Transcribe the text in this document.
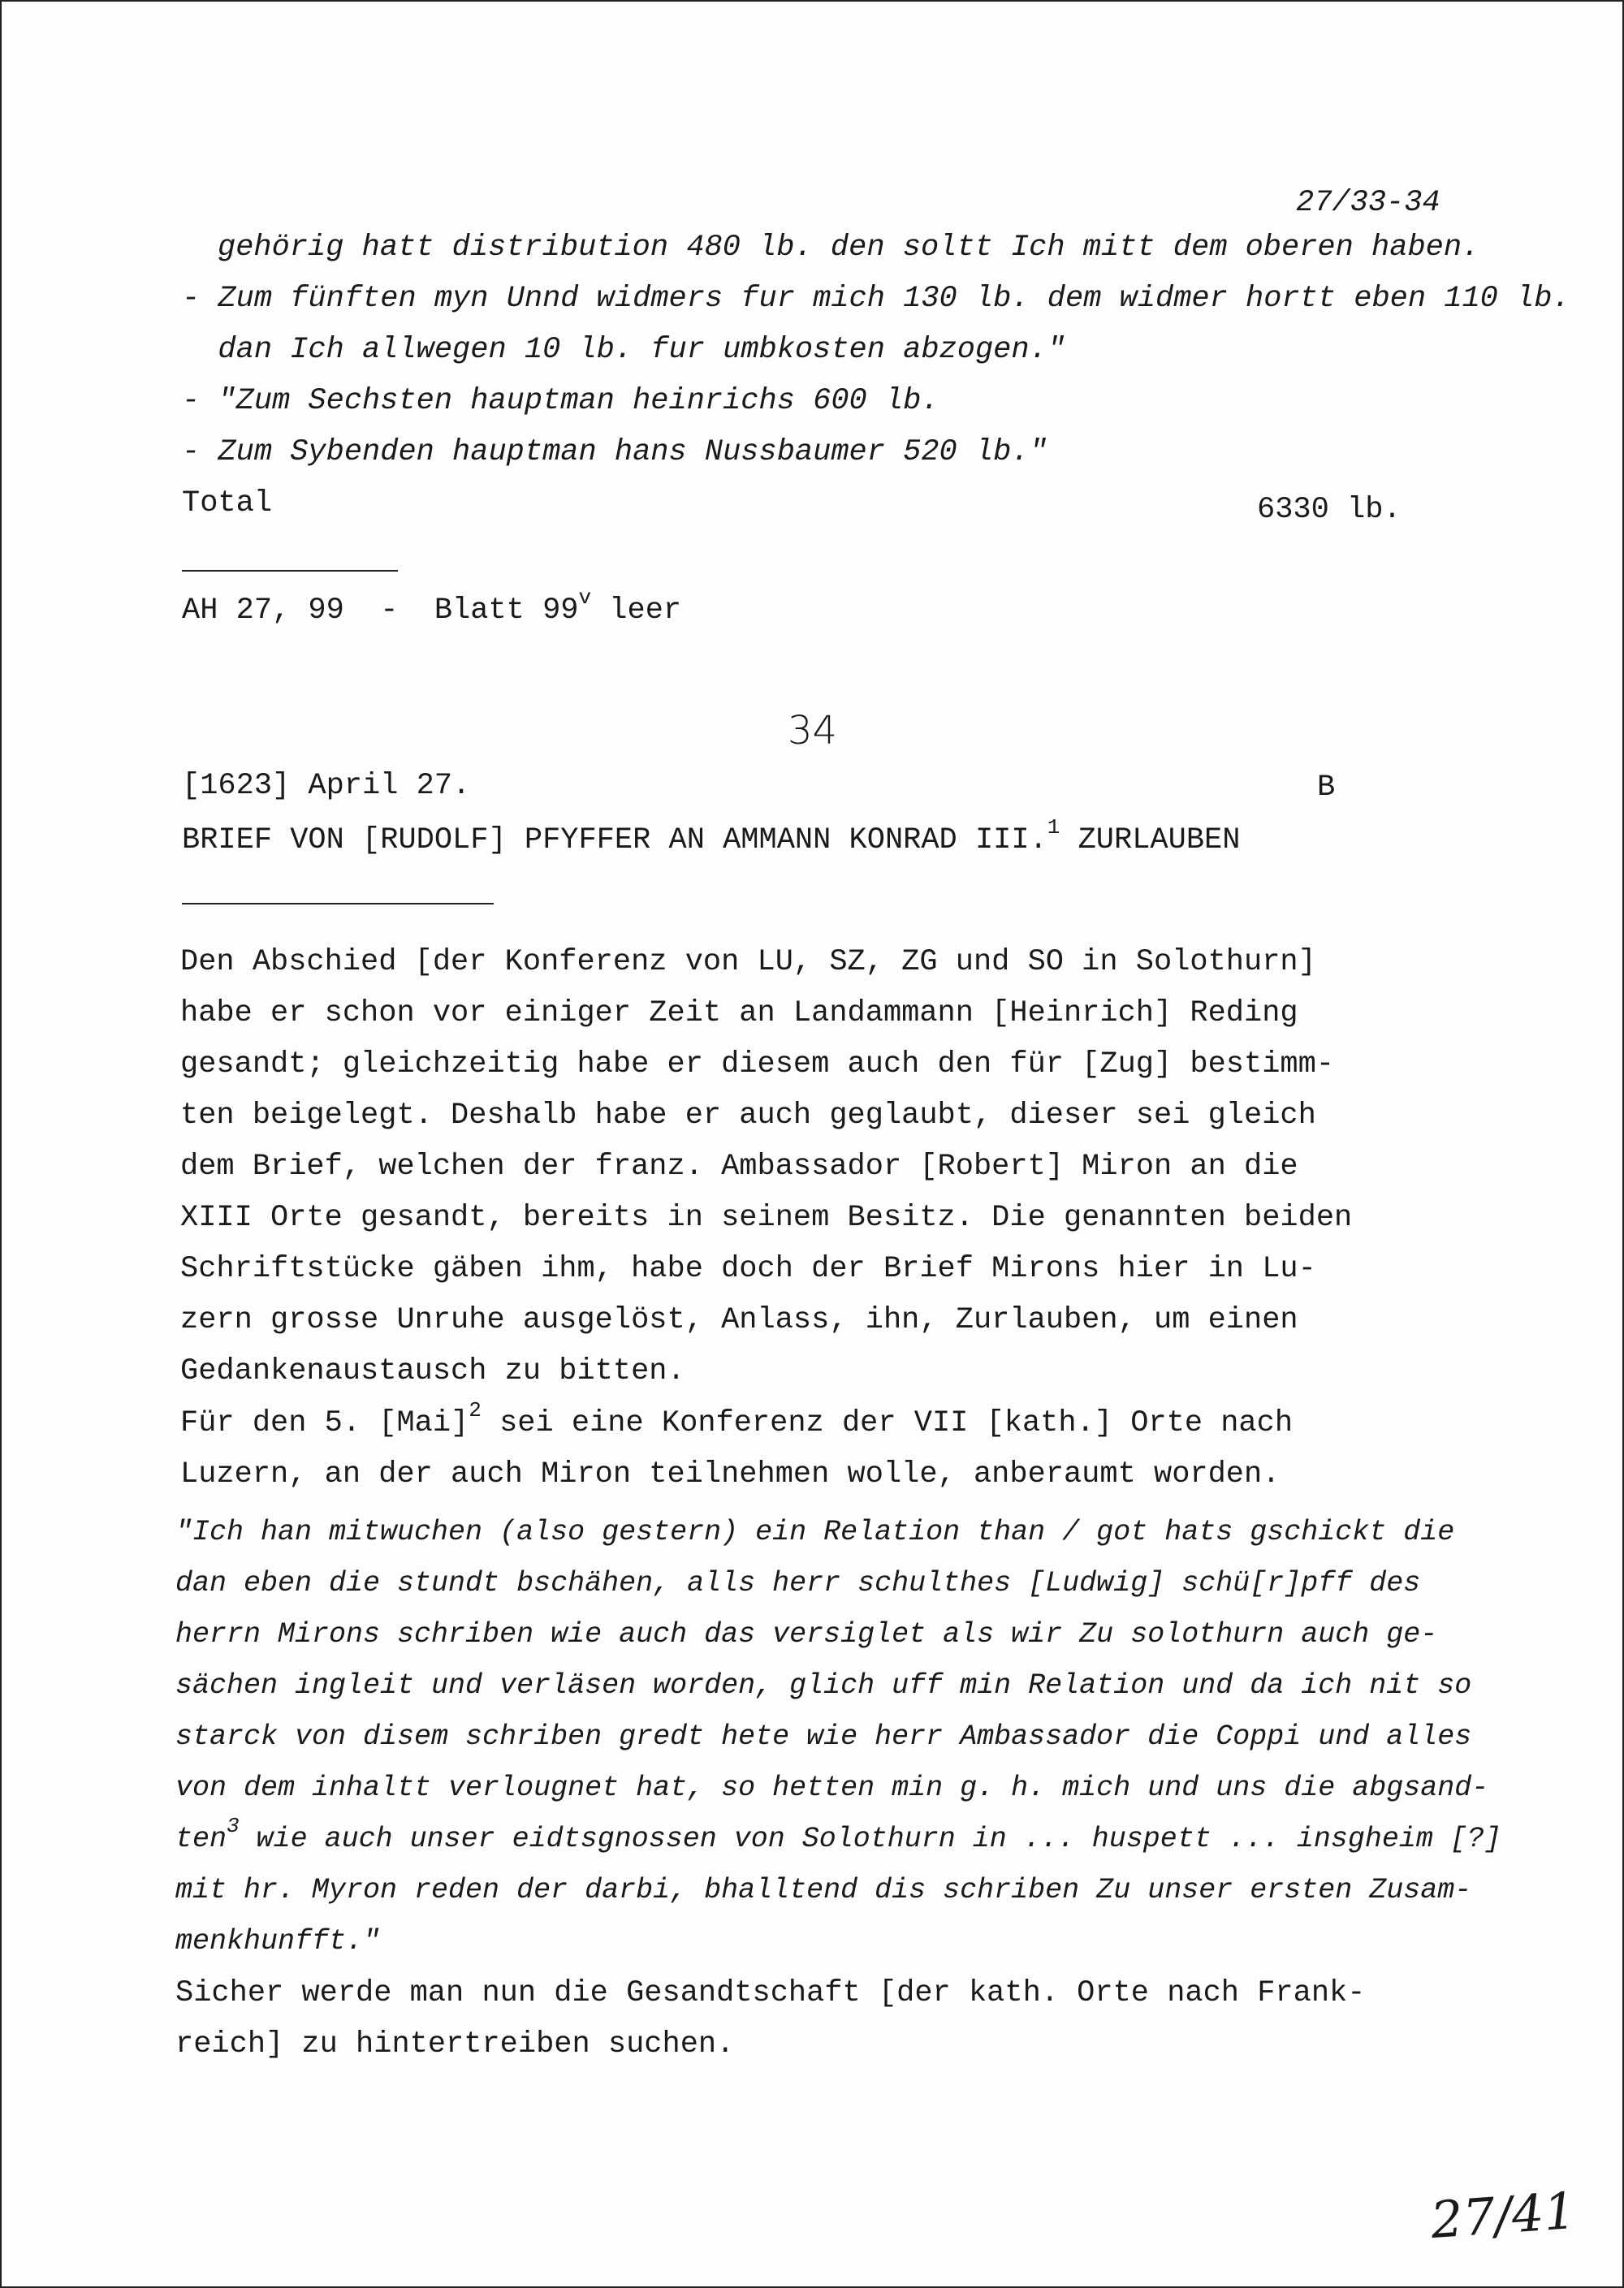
27/33-34
gehörig hatt distribution 480 lb. den soltt Ich mitt dem oberen haben.
- Zum fünften myn Unnd widmers fur mich 130 lb. dem widmer hortt eben 110 lb.
dan Ich allwegen 10 lb. fur umbkosten abzogen."
- "Zum Sechsten hauptman heinrichs 600 lb.
- Zum Sybenden hauptman hans Nussbaumer 520 lb."
Total	6330 lb.
AH 27, 99  -  Blatt 99$^v$ leer
34
[1623] April 27.	B
BRIEF VON [RUDOLF] PFYFFER AN AMMANN KONRAD III.$^1$ ZURLAUBEN
Den Abschied [der Konferenz von LU, SZ, ZG und SO in Solothurn]
habe er schon vor einiger Zeit an Landammann [Heinrich] Reding
gesandt; gleichzeitig habe er diesem auch den für [Zug] bestimm-
ten beigelegt. Deshalb habe er auch geglaubt, dieser sei gleich
dem Brief, welchen der franz. Ambassador [Robert] Miron an die
XIII Orte gesandt, bereits in seinem Besitz. Die genannten beiden
Schriftstücke gäben ihm, habe doch der Brief Mirons hier in Lu-
zern grosse Unruhe ausgelöst, Anlass, ihn, Zurlauben, um einen
Gedankenaustausch zu bitten.
Für den 5. [Mai]$^2$ sei eine Konferenz der VII [kath.] Orte nach
Luzern, an der auch Miron teilnehmen wolle, anberaumt worden.
"Ich han mitwuchen (also gestern) ein Relation than / got hats gschickt die
dan eben die stundt bschähen, alls herr schulthes [Ludwig] schü[r]pff des
herrn Mirons schriben wie auch das versiglet als wir Zu solothurn auch ge-
sächen ingleit und verläsen worden, glich uff min Relation und da ich nit so
starck von disem schriben gredt hete wie herr Ambassador die Coppi und alles
von dem inhaltt verlougnet hat, so hetten min g. h. mich und uns die abgsand-
ten$^3$ wie auch unser eidtsgnossen von Solothurn in ... huspett ... insgheim [?]
mit hr. Myron reden der darbi, bhalltend dis schriben Zu unser ersten Zusam-
menkhunfft."
Sicher werde man nun die Gesandtschaft [der kath. Orte nach Frank-
reich] zu hintertreiben suchen.
27/41
